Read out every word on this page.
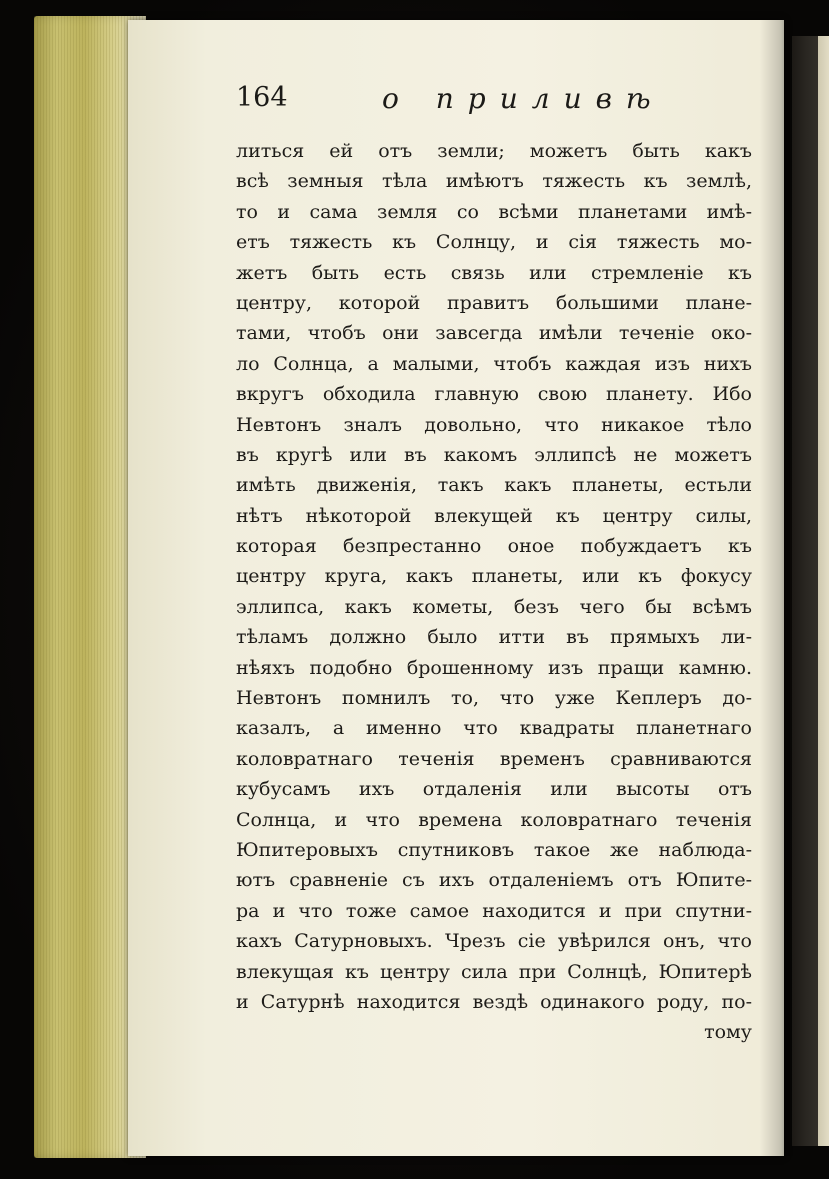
164	о приливѣ
литься ей отъ земли; можетъ быть какъ
всѣ земныя тѣла имѣютъ тяжесть къ землѣ,
то и сама земля со всѣми планетами имѣ-
етъ тяжесть къ Солнцу, и сія тяжесть мо-
жетъ быть есть связь или стремленіе къ
центру, которой правитъ большими плане-
тами, чтобъ они завсегда имѣли теченіе око-
ло Солнца, а малыми, чтобъ каждая изъ нихъ
вкругъ обходила главную свою планету. Ибо
Невтонъ зналъ довольно, что никакое тѣло
въ кругѣ или въ какомъ эллипсѣ не можетъ
имѣть движенія, такъ какъ планеты, естьли
нѣтъ нѣкоторой влекущей къ центру силы,
которая безпрестанно оное побуждаетъ къ
центру круга, какъ планеты, или къ фокусу
эллипса, какъ кометы, безъ чего бы всѣмъ
тѣламъ должно было итти въ прямыхъ ли-
нѣяхъ подобно брошенному изъ пращи камню.
Невтонъ помнилъ то, что уже Кеплеръ до-
казалъ, а именно что квадраты планетнаго
коловратнаго теченія временъ сравниваются
кубусамъ ихъ отдаленія или высоты отъ
Солнца, и что времена коловратнаго теченія
Юпитеровыхъ спутниковъ такое же наблюда-
ютъ сравненіе съ ихъ отдаленіемъ отъ Юпите-
ра и что тоже самое находится и при спутни-
кахъ Сатурновыхъ. Чрезъ сіе увѣрился онъ, что
влекущая къ центру сила при Солнцѣ, Юпитерѣ
и Сатурнѣ находится вездѣ одинакого роду, по-
тому
